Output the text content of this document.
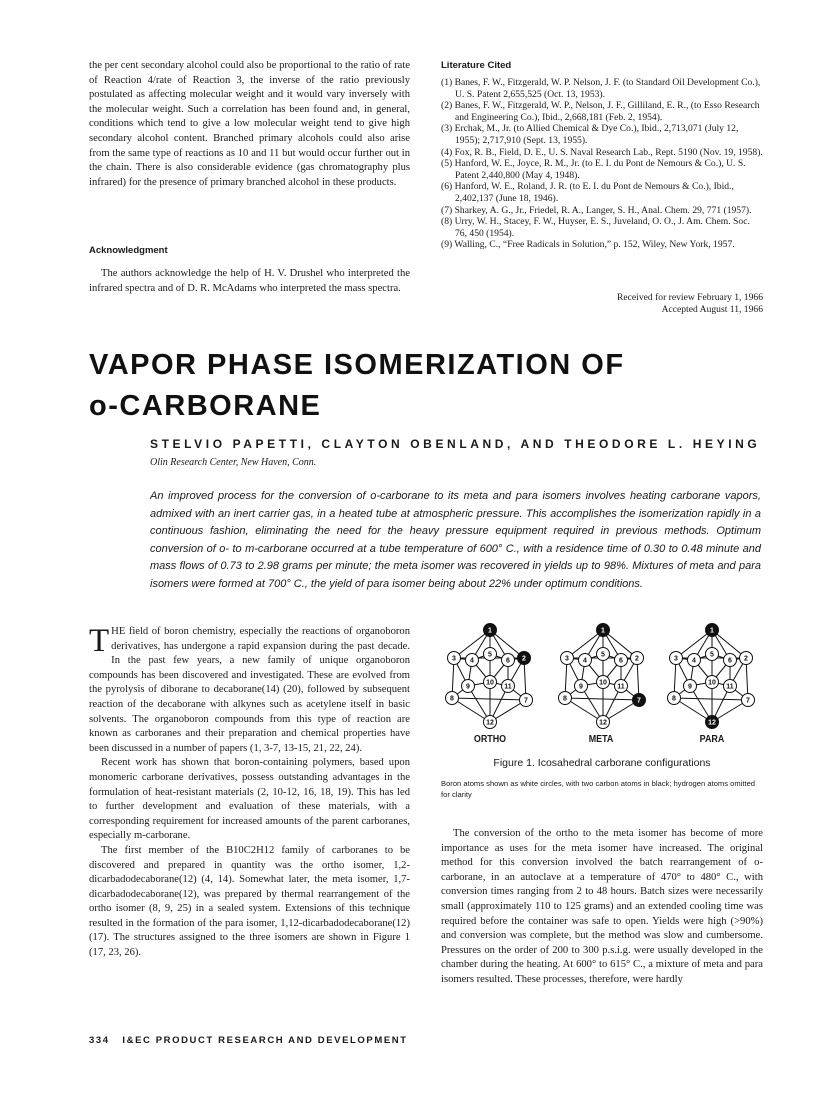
the per cent secondary alcohol could also be proportional to the ratio of rate of Reaction 4/rate of Reaction 3, the inverse of the ratio previously postulated as affecting molecular weight and it would vary inversely with the molecular weight. Such a correlation has been found and, in general, conditions which tend to give a low molecular weight tend to give high secondary alcohol content. Branched primary alcohols could also arise from the same type of reactions as 10 and 11 but would occur further out in the chain. There is also considerable evidence (gas chromatography plus infrared) for the presence of primary branched alcohol in these products.

Acknowledgment

The authors acknowledge the help of H. V. Drushel who interpreted the infrared spectra and of D. R. McAdams who interpreted the mass spectra.

Literature Cited
(1) Banes, F. W., Fitzgerald, W. P. Nelson, J. F. (to Standard Oil Development Co.), U. S. Patent 2,655,525 (Oct. 13, 1953).
(2) Banes, F. W., Fitzgerald, W. P., Nelson, J. F., Gilliland, E. R., (to Esso Research and Engineering Co.), Ibid., 2,668,181 (Feb. 2, 1954).
(3) Erchak, M., Jr. (to Allied Chemical & Dye Co.), Ibid., 2,713,071 (July 12, 1955); 2,717,910 (Sept. 13, 1955).
(4) Fox, R. B., Field, D. E., U. S. Naval Research Lab., Rept. 5190 (Nov. 19, 1958).
(5) Hanford, W. E., Joyce, R. M., Jr. (to E. I. du Pont de Nemours & Co.), U. S. Patent 2,440,800 (May 4, 1948).
(6) Hanford, W. E., Roland, J. R. (to E. I. du Pont de Nemours & Co.), Ibid., 2,402,137 (June 18, 1946).
(7) Sharkey, A. G., Jr., Friedel, R. A., Langer, S. H., Anal. Chem. 29, 771 (1957).
(8) Urry, W. H., Stacey, F. W., Huyser, E. S., Juveland, O. O., J. Am. Chem. Soc. 76, 450 (1954).
(9) Walling, C., “Free Radicals in Solution,” p. 152, Wiley, New York, 1957.
Received for review February 1, 1966
Accepted August 11, 1966
VAPOR PHASE ISOMERIZATION OF
o-CARBORANE
STELVIO PAPETTI, CLAYTON OBENLAND, AND THEODORE L. HEYING
Olin Research Center, New Haven, Conn.
An improved process for the conversion of o-carborane to its meta and para isomers involves heating carborane vapors, admixed with an inert carrier gas, in a heated tube at atmospheric pressure. This accomplishes the isomerization rapidly in a continuous fashion, eliminating the need for the heavy pressure equipment required in previous methods. Optimum conversion of o- to m-carborane occurred at a tube temperature of 600° C., with a residence time of 0.30 to 0.48 minute and mass flows of 0.73 to 2.98 grams per minute; the meta isomer was recovered in yields up to 98%. Mixtures of meta and para isomers were formed at 700° C., the yield of para isomer being about 22% under optimum conditions.

THE field of boron chemistry, especially the reactions of organoboron derivatives, has undergone a rapid expansion during the past decade. In the past few years, a new family of unique organoboron compounds has been discovered and investigated. These are evolved from the pyrolysis of diborane to decaborane(14) (20), followed by subsequent reaction of the decaborane with alkynes such as acetylene itself in basic solvents. The organoboron compounds from this type of reaction are known as carboranes and their preparation and chemical properties have been discussed in a number of papers (1, 3-7, 13-15, 21, 22, 24).

Recent work has shown that boron-containing polymers, based upon monomeric carborane derivatives, possess outstanding advantages in the formulation of heat-resistant materials (2, 10-12, 16, 18, 19). This has led to further development and evaluation of these materials, with a corresponding requirement for increased amounts of the parent carboranes, especially m-carborane.

The first member of the B10C2H12 family of carboranes to be discovered and prepared in quantity was the ortho isomer, 1,2-dicarbadodecaborane(12) (4, 14). Somewhat later, the meta isomer, 1,7-dicarbadodecaborane(12), was prepared by thermal rearrangement of the ortho isomer (8, 9, 25) in a sealed system. Extensions of this technique resulted in the formation of the para isomer, 1,12-dicarbadodecaborane(12) (17). The structures assigned to the three isomers are shown in Figure 1 (17, 23, 26).

1
2
3 4
5
6
7
8
9
10
11
12
1
2
3 4
5
6
7
8
9
10
11
12
1
2
3 4
5
6
7
8
9
10
11
12
ORTHO	META	PARA
Figure 1. Icosahedral carborane configurations
Boron atoms shown as white circles, with two carbon atoms in black; hydrogen atoms omitted for clarity

The conversion of the ortho to the meta isomer has become of more importance as uses for the meta isomer have increased. The original method for this conversion involved the batch rearrangement of o-carborane, in an autoclave at a temperature of 470° to 480° C., with conversion times ranging from 2 to 48 hours. Batch sizes were necessarily small (approximately 110 to 125 grams) and an extended cooling time was required before the container was safe to open. Yields were high (>90%) and conversion was complete, but the method was slow and cumbersome. Pressures on the order of 200 to 300 p.s.i.g. were usually developed in the chamber during the heating. At 600° to 615° C., a mixture of meta and para isomers resulted. These processes, therefore, were hardly

334 I&EC PRODUCT RESEARCH AND DEVELOPMENT
